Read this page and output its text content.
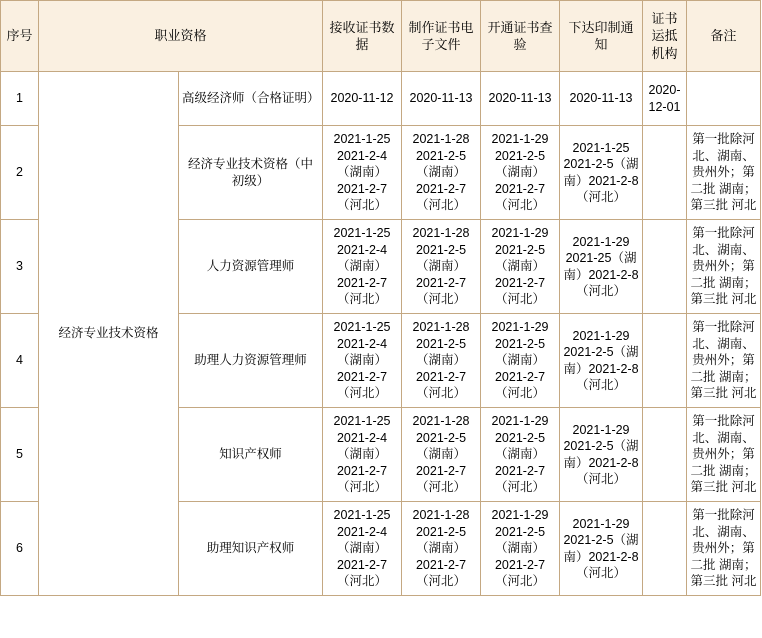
序号	职业资格		接收证书数据	制作证书电子文件	开通证书查验	下达印制通知	证书运抵机构	备注
1	经济专业技术资格	高级经济师（合格证明）	2020-11-12	2020-11-13	2020-11-13	2020-11-13	2020-12-01	
2		经济专业技术资格（中初级）	2021-1-25 2021-2-4（湖南）2021-2-7（河北）	2021-1-28 2021-2-5（湖南）2021-2-7（河北）	2021-1-29 2021-2-5（湖南）2021-2-7（河北）	2021-1-25 2021-2-5（湖南）2021-2-8（河北）		第一批除河北、湖南、贵州外；第二批 湖南；第三批 河北
3		人力资源管理师	2021-1-25 2021-2-4（湖南）2021-2-7（河北）	2021-1-28 2021-2-5（湖南）2021-2-7（河北）	2021-1-29 2021-2-5（湖南）2021-2-7（河北）	2021-1-29 2021-25（湖南）2021-2-8（河北）		第一批除河北、湖南、贵州外；第二批 湖南；第三批 河北
4		助理人力资源管理师	2021-1-25 2021-2-4（湖南）2021-2-7（河北）	2021-1-28 2021-2-5（湖南）2021-2-7（河北）	2021-1-29 2021-2-5（湖南）2021-2-7（河北）	2021-1-29 2021-2-5（湖南）2021-2-8（河北）		第一批除河北、湖南、贵州外；第二批 湖南；第三批 河北
5		知识产权师	2021-1-25 2021-2-4（湖南）2021-2-7（河北）	2021-1-28 2021-2-5（湖南）2021-2-7（河北）	2021-1-29 2021-2-5（湖南）2021-2-7（河北）	2021-1-29 2021-2-5（湖南）2021-2-8（河北）		第一批除河北、湖南、贵州外；第二批 湖南；第三批 河北
6		助理知识产权师	2021-1-25 2021-2-4（湖南）2021-2-7（河北）	2021-1-28 2021-2-5（湖南）2021-2-7（河北）	2021-1-29 2021-2-5（湖南）2021-2-7（河北）	2021-1-29 2021-2-5（湖南）2021-2-8（河北）		第一批除河北、湖南、贵州外；第二批 湖南；第三批 河北
